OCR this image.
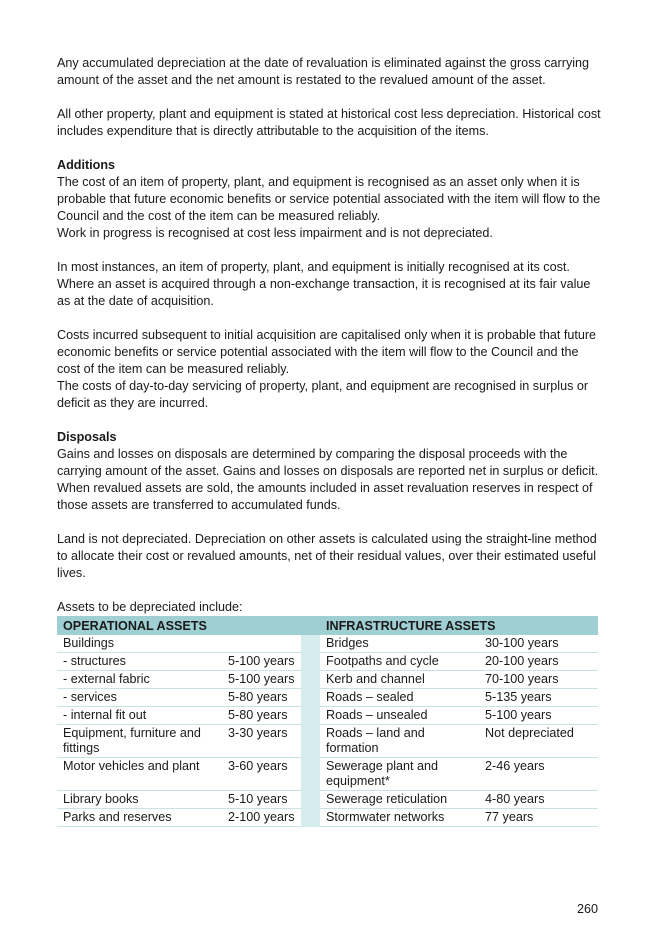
Any accumulated depreciation at the date of revaluation is eliminated against the gross carrying amount of the asset and the net amount is restated to the revalued amount of the asset.

All other property, plant and equipment is stated at historical cost less depreciation. Historical cost includes expenditure that is directly attributable to the acquisition of the items.

Additions

The cost of an item of property, plant, and equipment is recognised as an asset only when it is probable that future economic benefits or service potential associated with the item will flow to the Council and the cost of the item can be measured reliably.

Work in progress is recognised at cost less impairment and is not depreciated.

In most instances, an item of property, plant, and equipment is initially recognised at its cost. Where an asset is acquired through a non-exchange transaction, it is recognised at its fair value as at the date of acquisition.

Costs incurred subsequent to initial acquisition are capitalised only when it is probable that future economic benefits or service potential associated with the item will flow to the Council and the cost of the item can be measured reliably.

The costs of day-to-day servicing of property, plant, and equipment are recognised in surplus or deficit as they are incurred.

Disposals

Gains and losses on disposals are determined by comparing the disposal proceeds with the carrying amount of the asset. Gains and losses on disposals are reported net in surplus or deficit. When revalued assets are sold, the amounts included in asset revaluation reserves in respect of those assets are transferred to accumulated funds.

Land is not depreciated. Depreciation on other assets is calculated using the straight-line method to allocate their cost or revalued amounts, net of their residual values, over their estimated useful lives.

Assets to be depreciated include:

OPERATIONAL ASSETS			INFRASTRUCTURE ASSETS	
Buildings			Bridges	30-100 years
- structures	5-100 years		Footpaths and cycle	20-100 years
- external fabric	5-100 years		Kerb and channel	70-100 years
- services	5-80 years		Roads – sealed	5-135 years
- internal fit out	5-80 years		Roads – unsealed	5-100 years
Equipment, furniture and fittings	3-30 years		Roads – land and formation	Not depreciated
Motor vehicles and plant	3-60 years		Sewerage plant and equipment*	2-46 years
Library books	5-10 years		Sewerage reticulation	4-80 years
Parks and reserves	2-100 years		Stormwater networks	77 years
260
